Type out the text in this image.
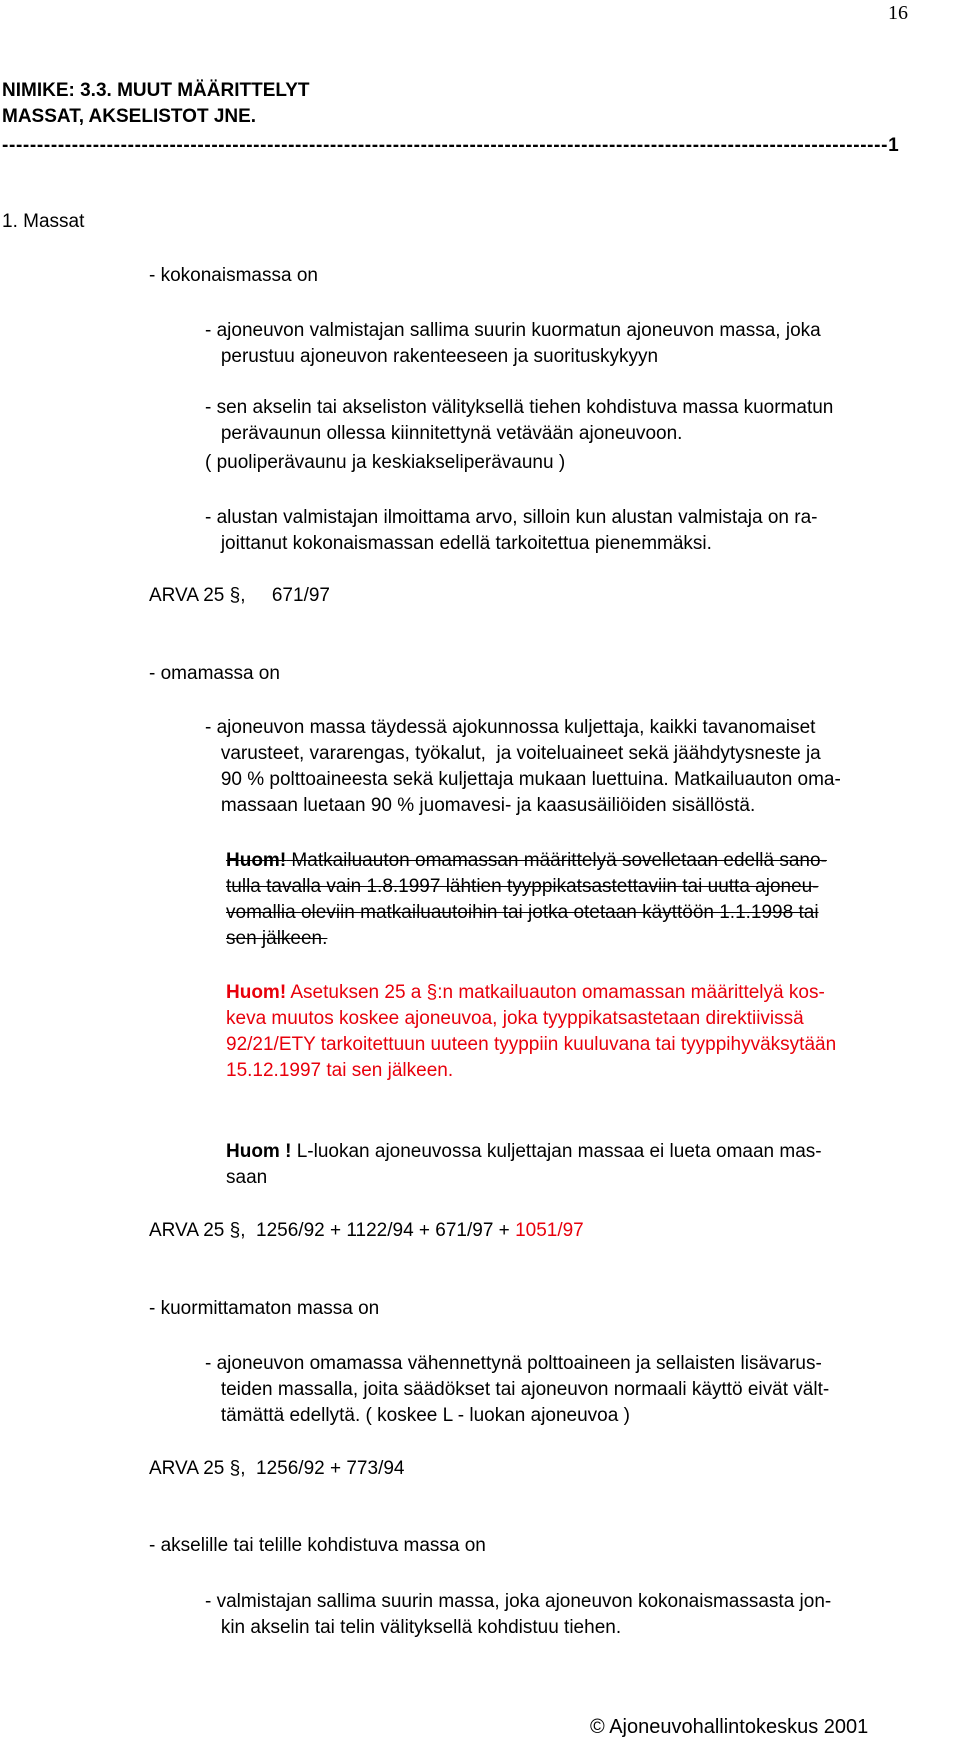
16
NIMIKE: 3.3. MUUT MÄÄRITTELYT
MASSAT, AKSELISTOT JNE.
-------------------------------------------------------------------------------------------------------------------------------1
1. Massat
- kokonaismassa on
- ajoneuvon valmistajan sallima suurin kuormatun ajoneuvon massa, joka
perustuu ajoneuvon rakenteeseen ja suorituskykyyn
- sen akselin tai akseliston välityksellä tiehen kohdistuva massa kuormatun
perävaunun ollessa kiinnitettynä vetävään ajoneuvoon.
( puoliperävaunu ja keskiakseliperävaunu )
- alustan valmistajan ilmoittama arvo, silloin kun alustan valmistaja on ra-
joittanut kokonaismassan edellä tarkoitettua pienemmäksi.
ARVA 25 §,     671/97
- omamassa on
- ajoneuvon massa täydessä ajokunnossa kuljettaja, kaikki tavanomaiset
varusteet, vararengas, työkalut,  ja voiteluaineet sekä jäähdytysneste ja
90 % polttoaineesta sekä kuljettaja mukaan luettuina. Matkailuauton oma-
massaan luetaan 90 % juomavesi- ja kaasusäiliöiden sisällöstä.
Huom! Matkailuauton omamassan määrittelyä sovelletaan edellä sano-
tulla tavalla vain 1.8.1997 lähtien tyyppikatsastettaviin tai uutta ajoneu-
vomallia oleviin matkailuautoihin tai jotka otetaan käyttöön 1.1.1998 tai
sen jälkeen.
Huom! Asetuksen 25 a §:n matkailuauton omamassan määrittelyä kos-
keva muutos koskee ajoneuvoa, joka tyyppikatsastetaan direktiivissä
92/21/ETY tarkoitettuun uuteen tyyppiin kuuluvana tai tyyppihyväksytään
15.12.1997 tai sen jälkeen.
Huom ! L-luokan ajoneuvossa kuljettajan massaa ei lueta omaan mas-
saan
ARVA 25 §,  1256/92 + 1122/94 + 671/97 + 1051/97
- kuormittamaton massa on
- ajoneuvon omamassa vähennettynä polttoaineen ja sellaisten lisävarus-
teiden massalla, joita säädökset tai ajoneuvon normaali käyttö eivät vält-
tämättä edellytä. ( koskee L - luokan ajoneuvoa )
ARVA 25 §,  1256/92 + 773/94
- akselille tai telille kohdistuva massa on
- valmistajan sallima suurin massa, joka ajoneuvon kokonaismassasta jon-
kin akselin tai telin välityksellä kohdistuu tiehen.
© Ajoneuvohallintokeskus 2001
